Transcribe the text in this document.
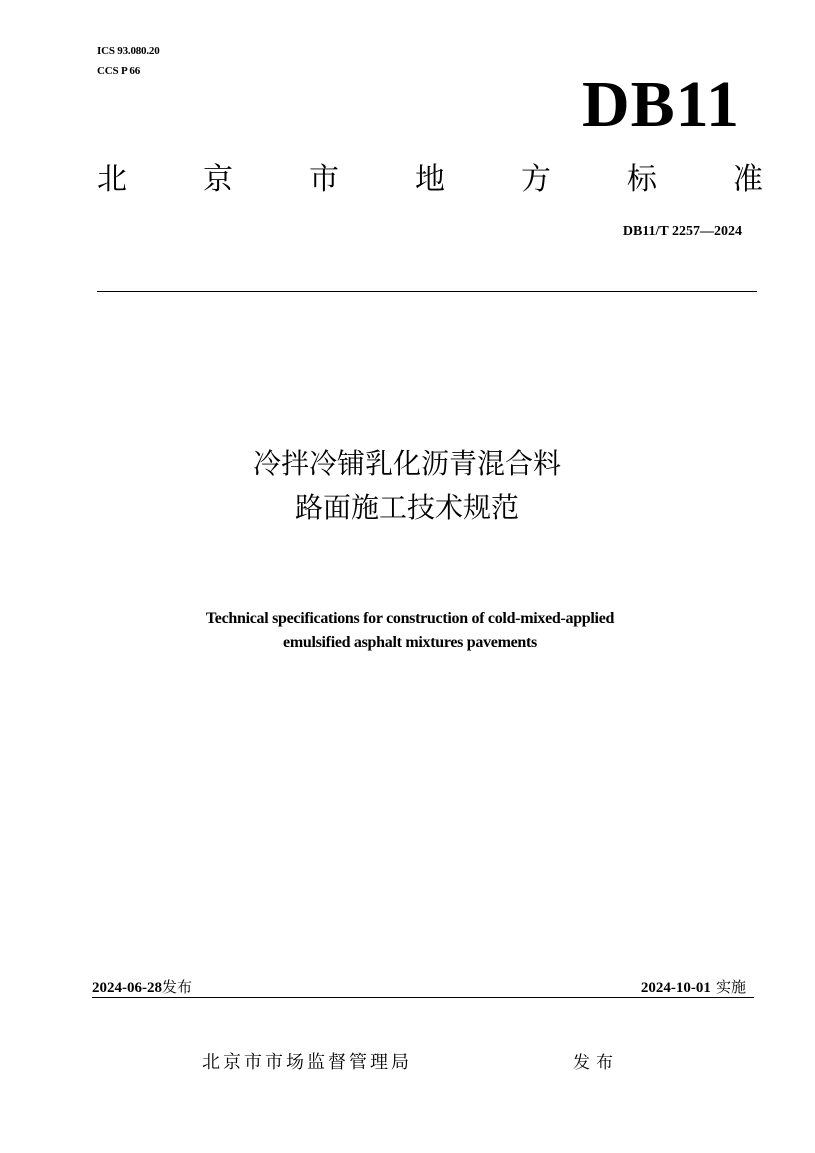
ICS 93.080.20
CCS P 66	DB11
北	京	市	地	方	标	准
DB11/T 2257—2024
冷拌冷铺乳化沥青混合料
路面施工技术规范
Technical specifications for construction of cold-mixed-applied
emulsified asphalt mixtures pavements
2024-06-28发布	2024-10-01 实施
北京市市场监督管理局	发布
